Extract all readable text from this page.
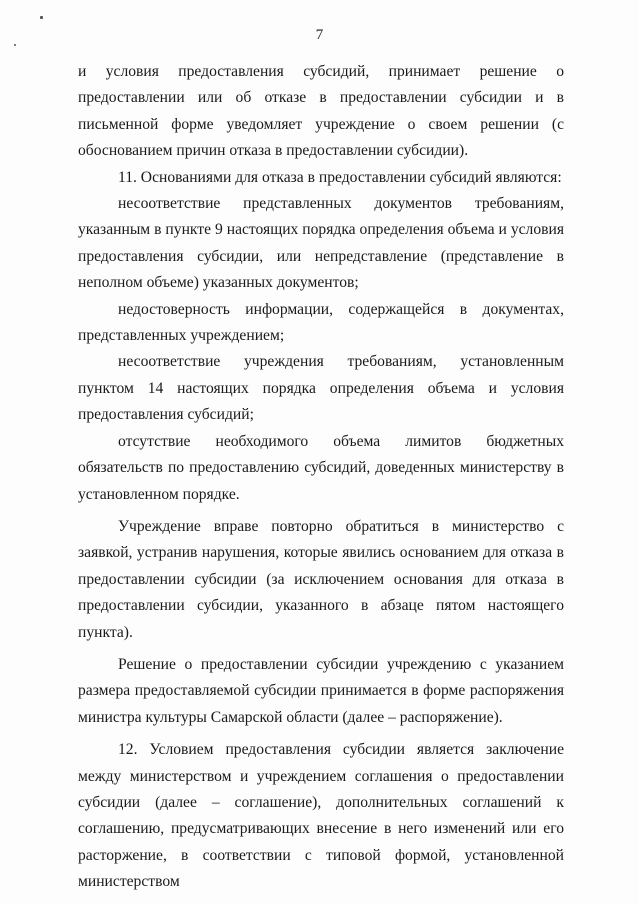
7

и условия предоставления субсидий, принимает решение о предоставлении или об отказе в предоставлении субсидии и в письменной форме уведомляет учреждение о своем решении (с обоснованием причин отказа в предоставлении субсидии).

11. Основаниями для отказа в предоставлении субсидий являются:

несоответствие представленных документов требованиям, указанным в пункте 9 настоящих порядка определения объема и условия предоставления субсидии, или непредставление (представление в неполном объеме) указанных документов;

недостоверность информации, содержащейся в документах, представленных учреждением;

несоответствие учреждения требованиям, установленным пунктом 14 настоящих порядка определения объема и условия предоставления субсидий;

отсутствие необходимого объема лимитов бюджетных обязательств по предоставлению субсидий, доведенных министерству в установленном порядке.

Учреждение вправе повторно обратиться в министерство с заявкой, устранив нарушения, которые явились основанием для отказа в предоставлении субсидии (за исключением основания для отказа в предоставлении субсидии, указанного в абзаце пятом настоящего пункта).

Решение о предоставлении субсидии учреждению с указанием размера предоставляемой субсидии принимается в форме распоряжения министра культуры Самарской области (далее – распоряжение).

12. Условием предоставления субсидии является заключение между министерством и учреждением соглашения о предоставлении субсидии (далее – соглашение), дополнительных соглашений к соглашению, предусматривающих внесение в него изменений или его расторжение, в соответствии с типовой формой, установленной министерством
